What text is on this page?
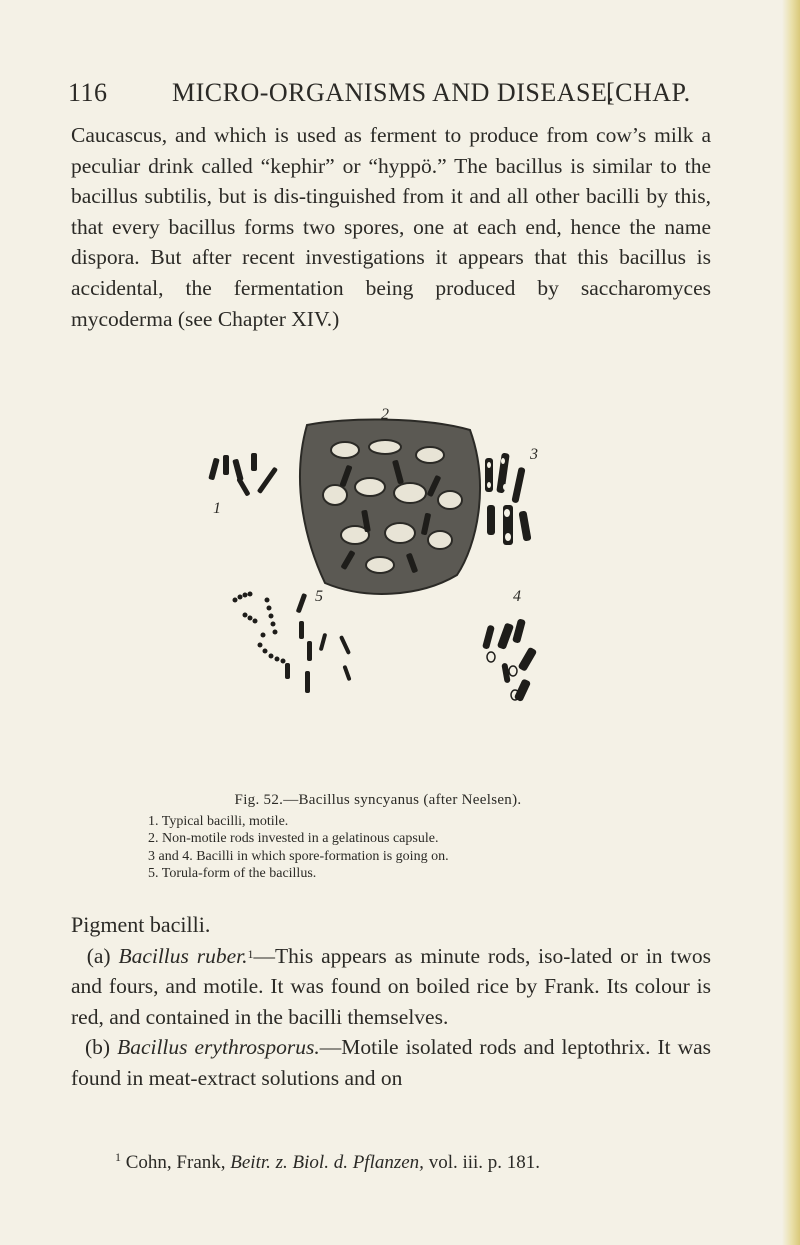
116 MICRO-ORGANISMS AND DISEASE.
[CHAP.

Caucascus, and which is used as ferment to produce from cow’s milk a peculiar drink called “kephir” or “hyppö.” The bacillus is similar to the bacillus subtilis, but is dis-tinguished from it and all other bacilli by this, that every bacillus forms two spores, one at each end, hence the name dispora. But after recent investigations it appears that this bacillus is accidental, the fermentation being produced by saccharomyces mycoderma (see Chapter XIV.)

2
1
3
5	4
Fig. 52.—Bacillus syncyanus (after Neelsen).
1. Typical bacilli, motile.
2. Non-motile rods invested in a gelatinous capsule.
3 and 4. Bacilli in which spore-formation is going on.
5. Torula-form of the bacillus.

Pigment bacilli.

(a) Bacillus ruber.$^1$—This appears as minute rods, iso-lated or in twos and fours, and motile. It was found on boiled rice by Frank. Its colour is red, and contained in the bacilli themselves.

(b) Bacillus erythrosporus.—Motile isolated rods and leptothrix. It was found in meat-extract solutions and on

$^1$ Cohn, Frank, Beitr. z. Biol. d. Pflanzen, vol. iii. p. 181.
